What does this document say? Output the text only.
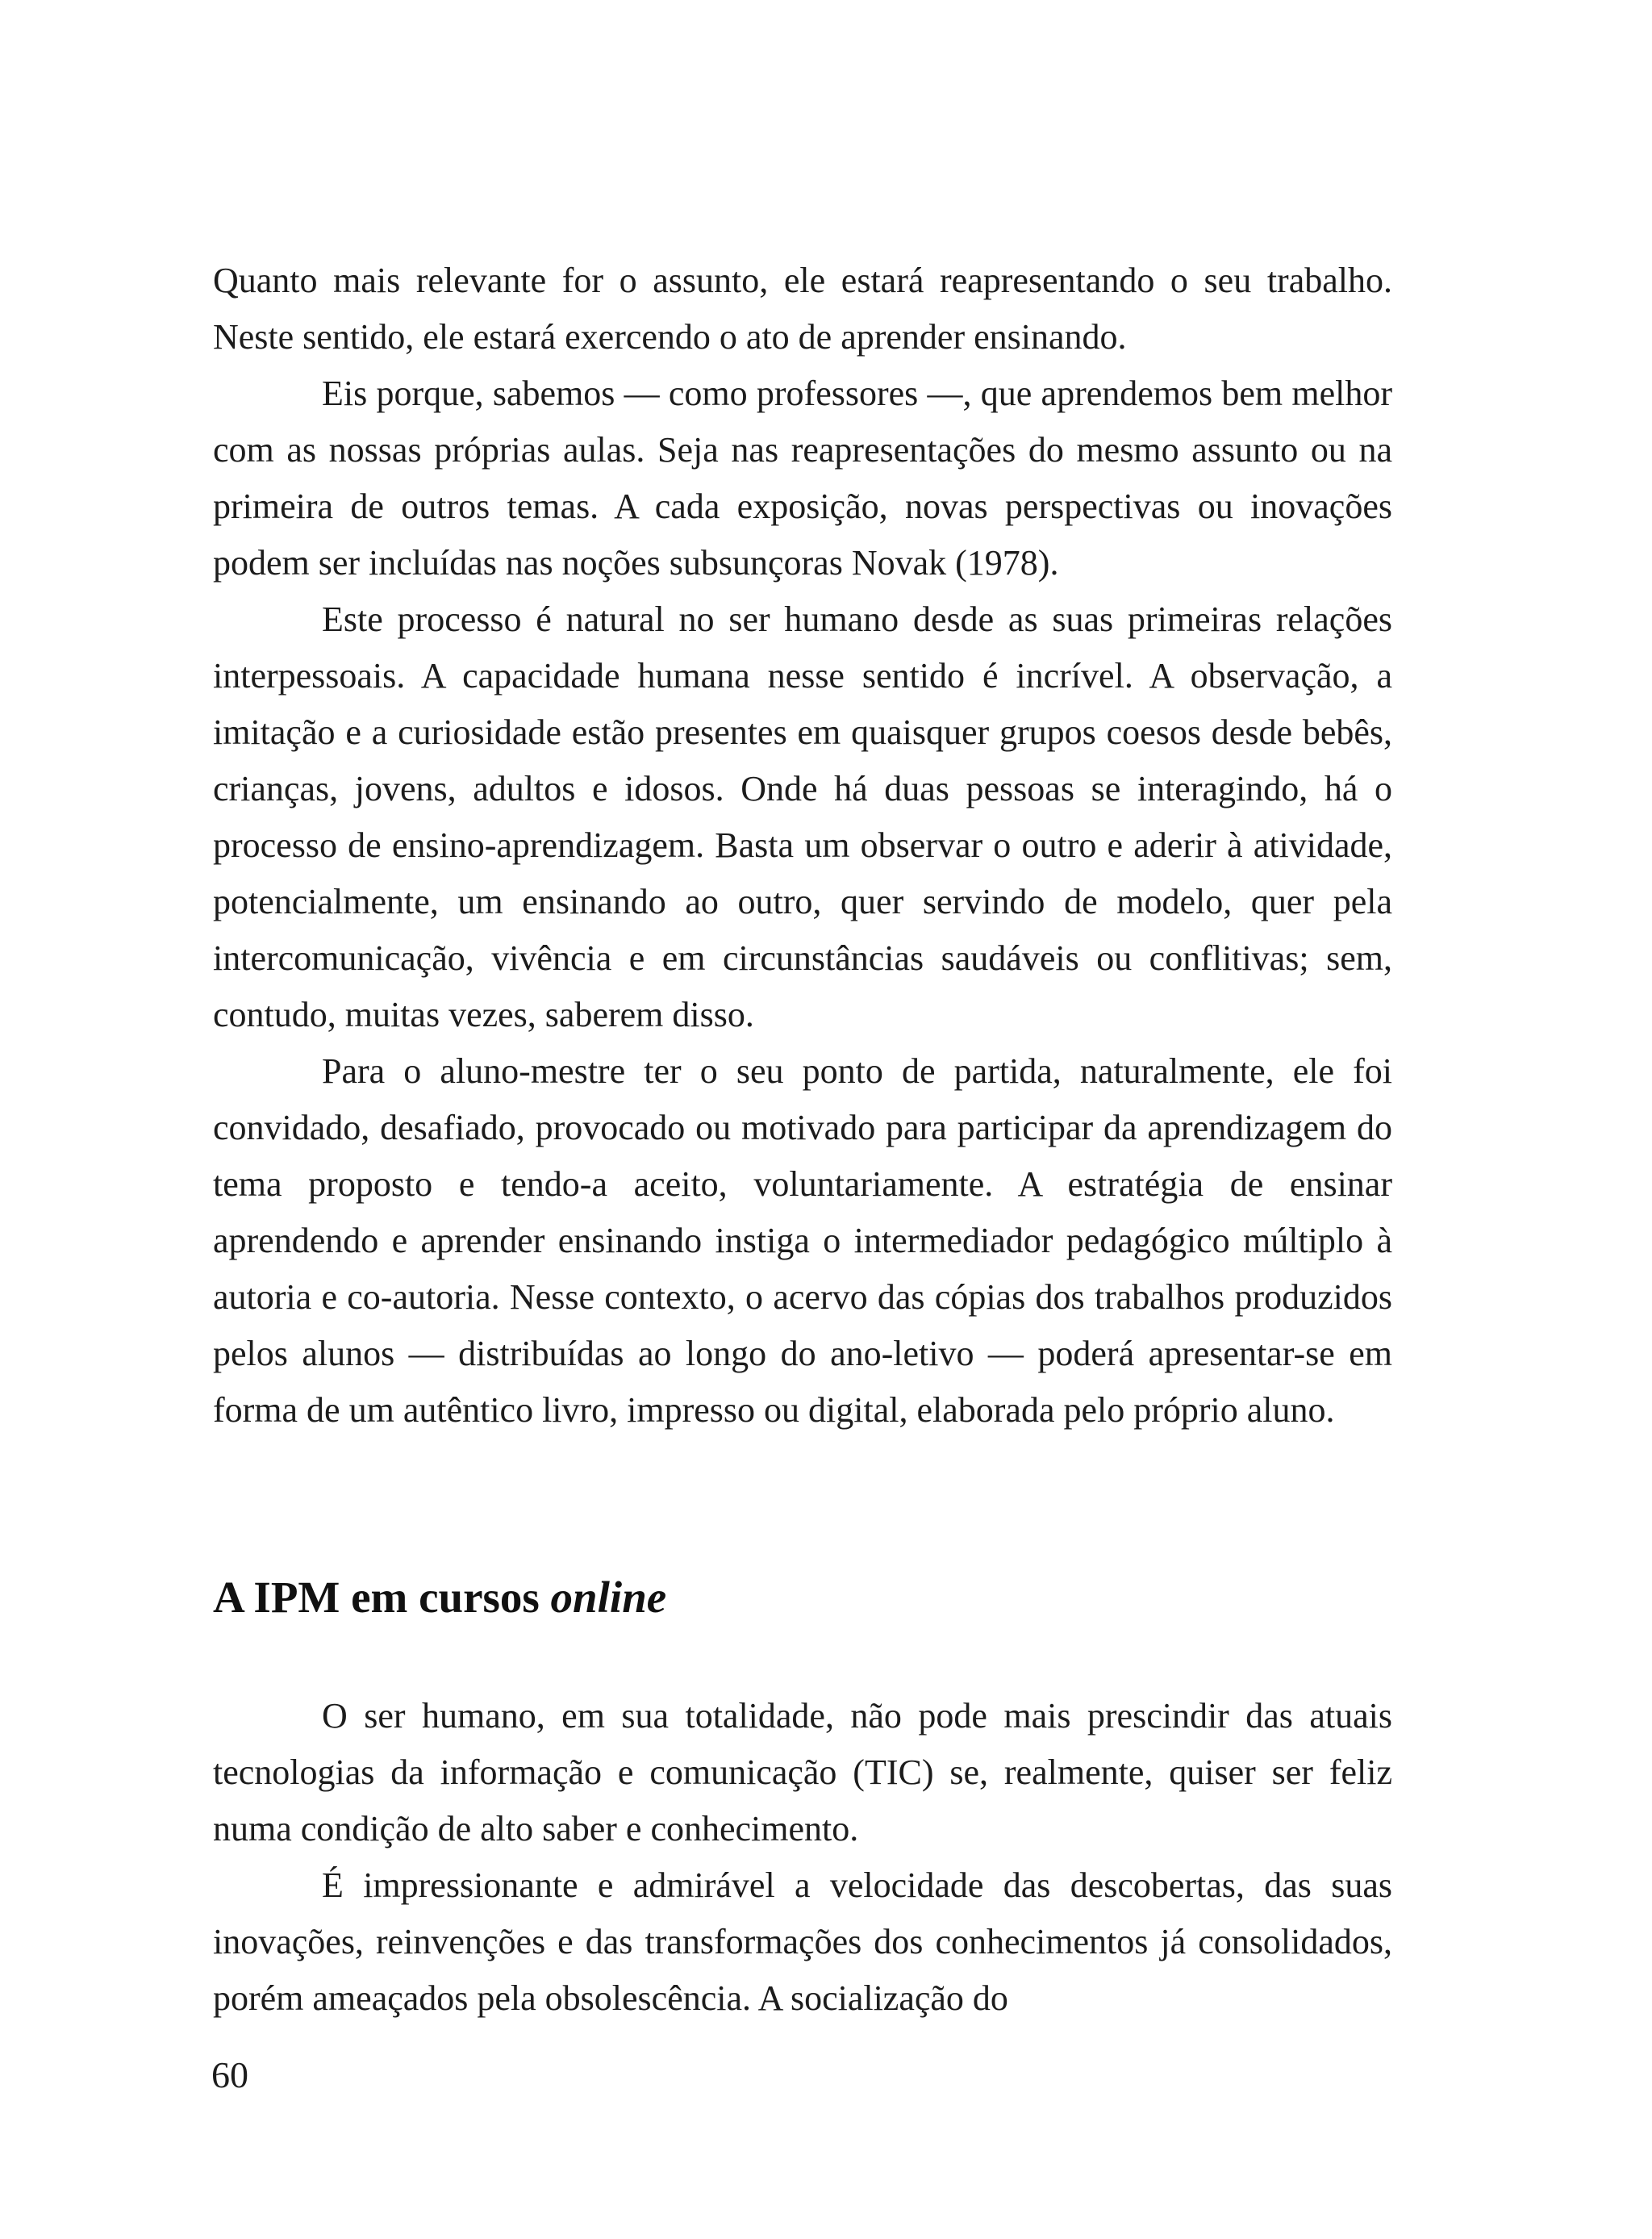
Quanto mais relevante for o assunto, ele estará reapresentando o seu trabalho. Neste sentido, ele estará exercendo o ato de aprender ensinando.

Eis porque, sabemos — como professores —, que aprendemos bem melhor com as nossas próprias aulas. Seja nas reapresentações do mesmo assunto ou na primeira de outros temas. A cada exposição, novas perspectivas ou inovações podem ser incluídas nas noções subsunçoras Novak (1978).

Este processo é natural no ser humano desde as suas primeiras relações interpessoais. A capacidade humana nesse sentido é incrível. A observação, a imitação e a curiosidade estão presentes em quaisquer grupos coesos desde bebês, crianças, jovens, adultos e idosos. Onde há duas pessoas se interagindo, há o processo de ensino-aprendizagem. Basta um observar o outro e aderir à atividade, potencialmente, um ensinando ao outro, quer servindo de modelo, quer pela intercomunicação, vivência e em circunstâncias saudáveis ou conflitivas; sem, contudo, muitas vezes, saberem disso.

Para o aluno-mestre ter o seu ponto de partida, naturalmente, ele foi convidado, desafiado, provocado ou motivado para participar da aprendizagem do tema proposto e tendo-a aceito, voluntariamente. A estratégia de ensinar aprendendo e aprender ensinando instiga o intermediador pedagógico múltiplo à autoria e co-autoria. Nesse contexto, o acervo das cópias dos trabalhos produzidos pelos alunos — distribuídas ao longo do ano-letivo — poderá apresentar-se em forma de um autêntico livro, impresso ou digital, elaborada pelo próprio aluno.

A IPM em cursos online

O ser humano, em sua totalidade, não pode mais prescindir das atuais tecnologias da informação e comunicação (TIC) se, realmente, quiser ser feliz numa condição de alto saber e conhecimento.

É impressionante e admirável a velocidade das descobertas, das suas inovações, reinvenções e das transformações dos conhecimentos já consolidados, porém ameaçados pela obsolescência. A socialização do

60
